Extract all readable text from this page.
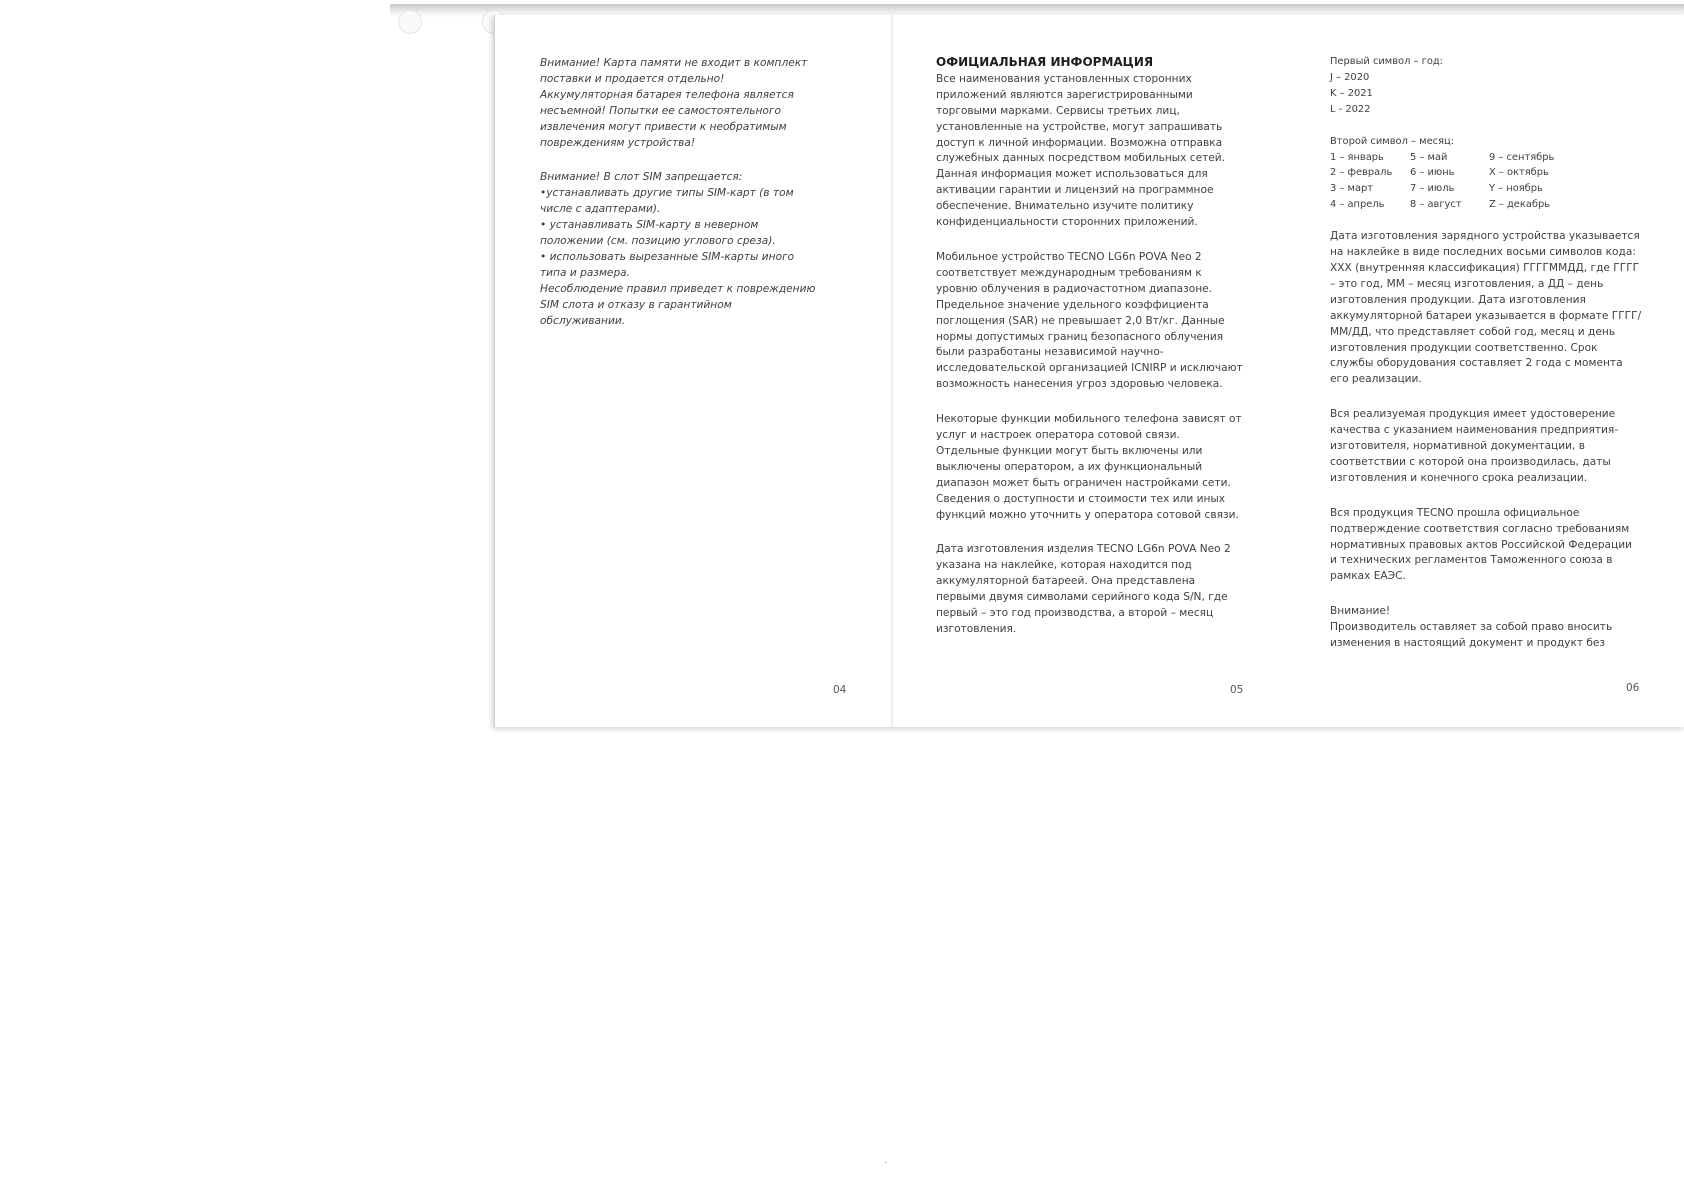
Внимание! Карта памяти не входит в комплект поставки и продается отдельно! Аккумуляторная батарея телефона является несъемной! Попытки ее самостоятельного извлечения могут привести к необратимым повреждениям устройства!

Внимание! В слот SIM запрещается:
•устанавливать другие типы SIM-карт (в том числе с адаптерами).
• устанавливать SIM-карту в неверном положении (см. позицию углового среза).
• использовать вырезанные SIM-карты иного типа и размера.
Несоблюдение правил приведет к повреждению SIM слота и отказу в гарантийном обслуживании.
04
ОФИЦИАЛЬНАЯ ИНФОРМАЦИЯ

Все наименования установленных сторонних приложений являются зарегистрированными торговыми марками. Сервисы третьих лиц, установленные на устройстве, могут запрашивать доступ к личной информации. Возможна отправка служебных данных посредством мобильных сетей. Данная информация может использоваться для активации гарантии и лицензий на программное обеспечение. Внимательно изучите политику конфиденциальности сторонних приложений.

Мобильное устройство TECNO LG6n POVA Neo 2 соответствует международным требованиям к уровню облучения в радиочастотном диапазоне. Предельное значение удельного коэффициента поглощения (SAR) не превышает 2,0 Вт/кг. Данные нормы допустимых границ безопасного облучения были разработаны независимой научно-исследовательской организацией ICNIRP и исключают возможность нанесения угроз здоровью человека.

Некоторые функции мобильного телефона зависят от услуг и настроек оператора сотовой связи. Отдельные функции могут быть включены или выключены оператором, а их функциональный диапазон может быть ограничен настройками сети. Сведения о доступности и стоимости тех или иных функций можно уточнить у оператора сотовой связи.

Дата изготовления изделия TECNO LG6n POVA Neo 2 указана на наклейке, которая находится под аккумуляторной батареей. Она представлена первыми двумя символами серийного кода S/N, где первый – это год производства, а второй – месяц изготовления.

05
Первый символ – год:
J – 2020
K – 2021
L - 2022
Второй символ – месяц:
1 – январь	5 – май	9 – сентябрь
2 – февраль	6 – июнь	X – октябрь
3 – март	7 – июль	Y – ноябрь
4 – апрель	8 – август	Z – декабрь

Дата изготовления зарядного устройства указывается на наклейке в виде последних восьми символов кода: XXX (внутренняя классификация) ГГГГММДД, где ГГГГ – это год, ММ – месяц изготовления, а ДД – день изготовления продукции. Дата изготовления аккумуляторной батареи указывается в формате ГГГГ/ММ/ДД, что представляет собой год, месяц и день изготовления продукции соответственно. Срок службы оборудования составляет 2 года с момента его реализации.

Вся реализуемая продукция имеет удостоверение качества с указанием наименования предприятия-изготовителя, нормативной документации, в соответствии с которой она производилась, даты изготовления и конечного срока реализации.

Вся продукция TECNO прошла официальное подтверждение соответствия согласно требованиям нормативных правовых актов Российской Федерации и технических регламентов Таможенного союза в рамках ЕАЭС.

Внимание!
Производитель оставляет за собой право вносить изменения в настоящий документ и продукт без
06
